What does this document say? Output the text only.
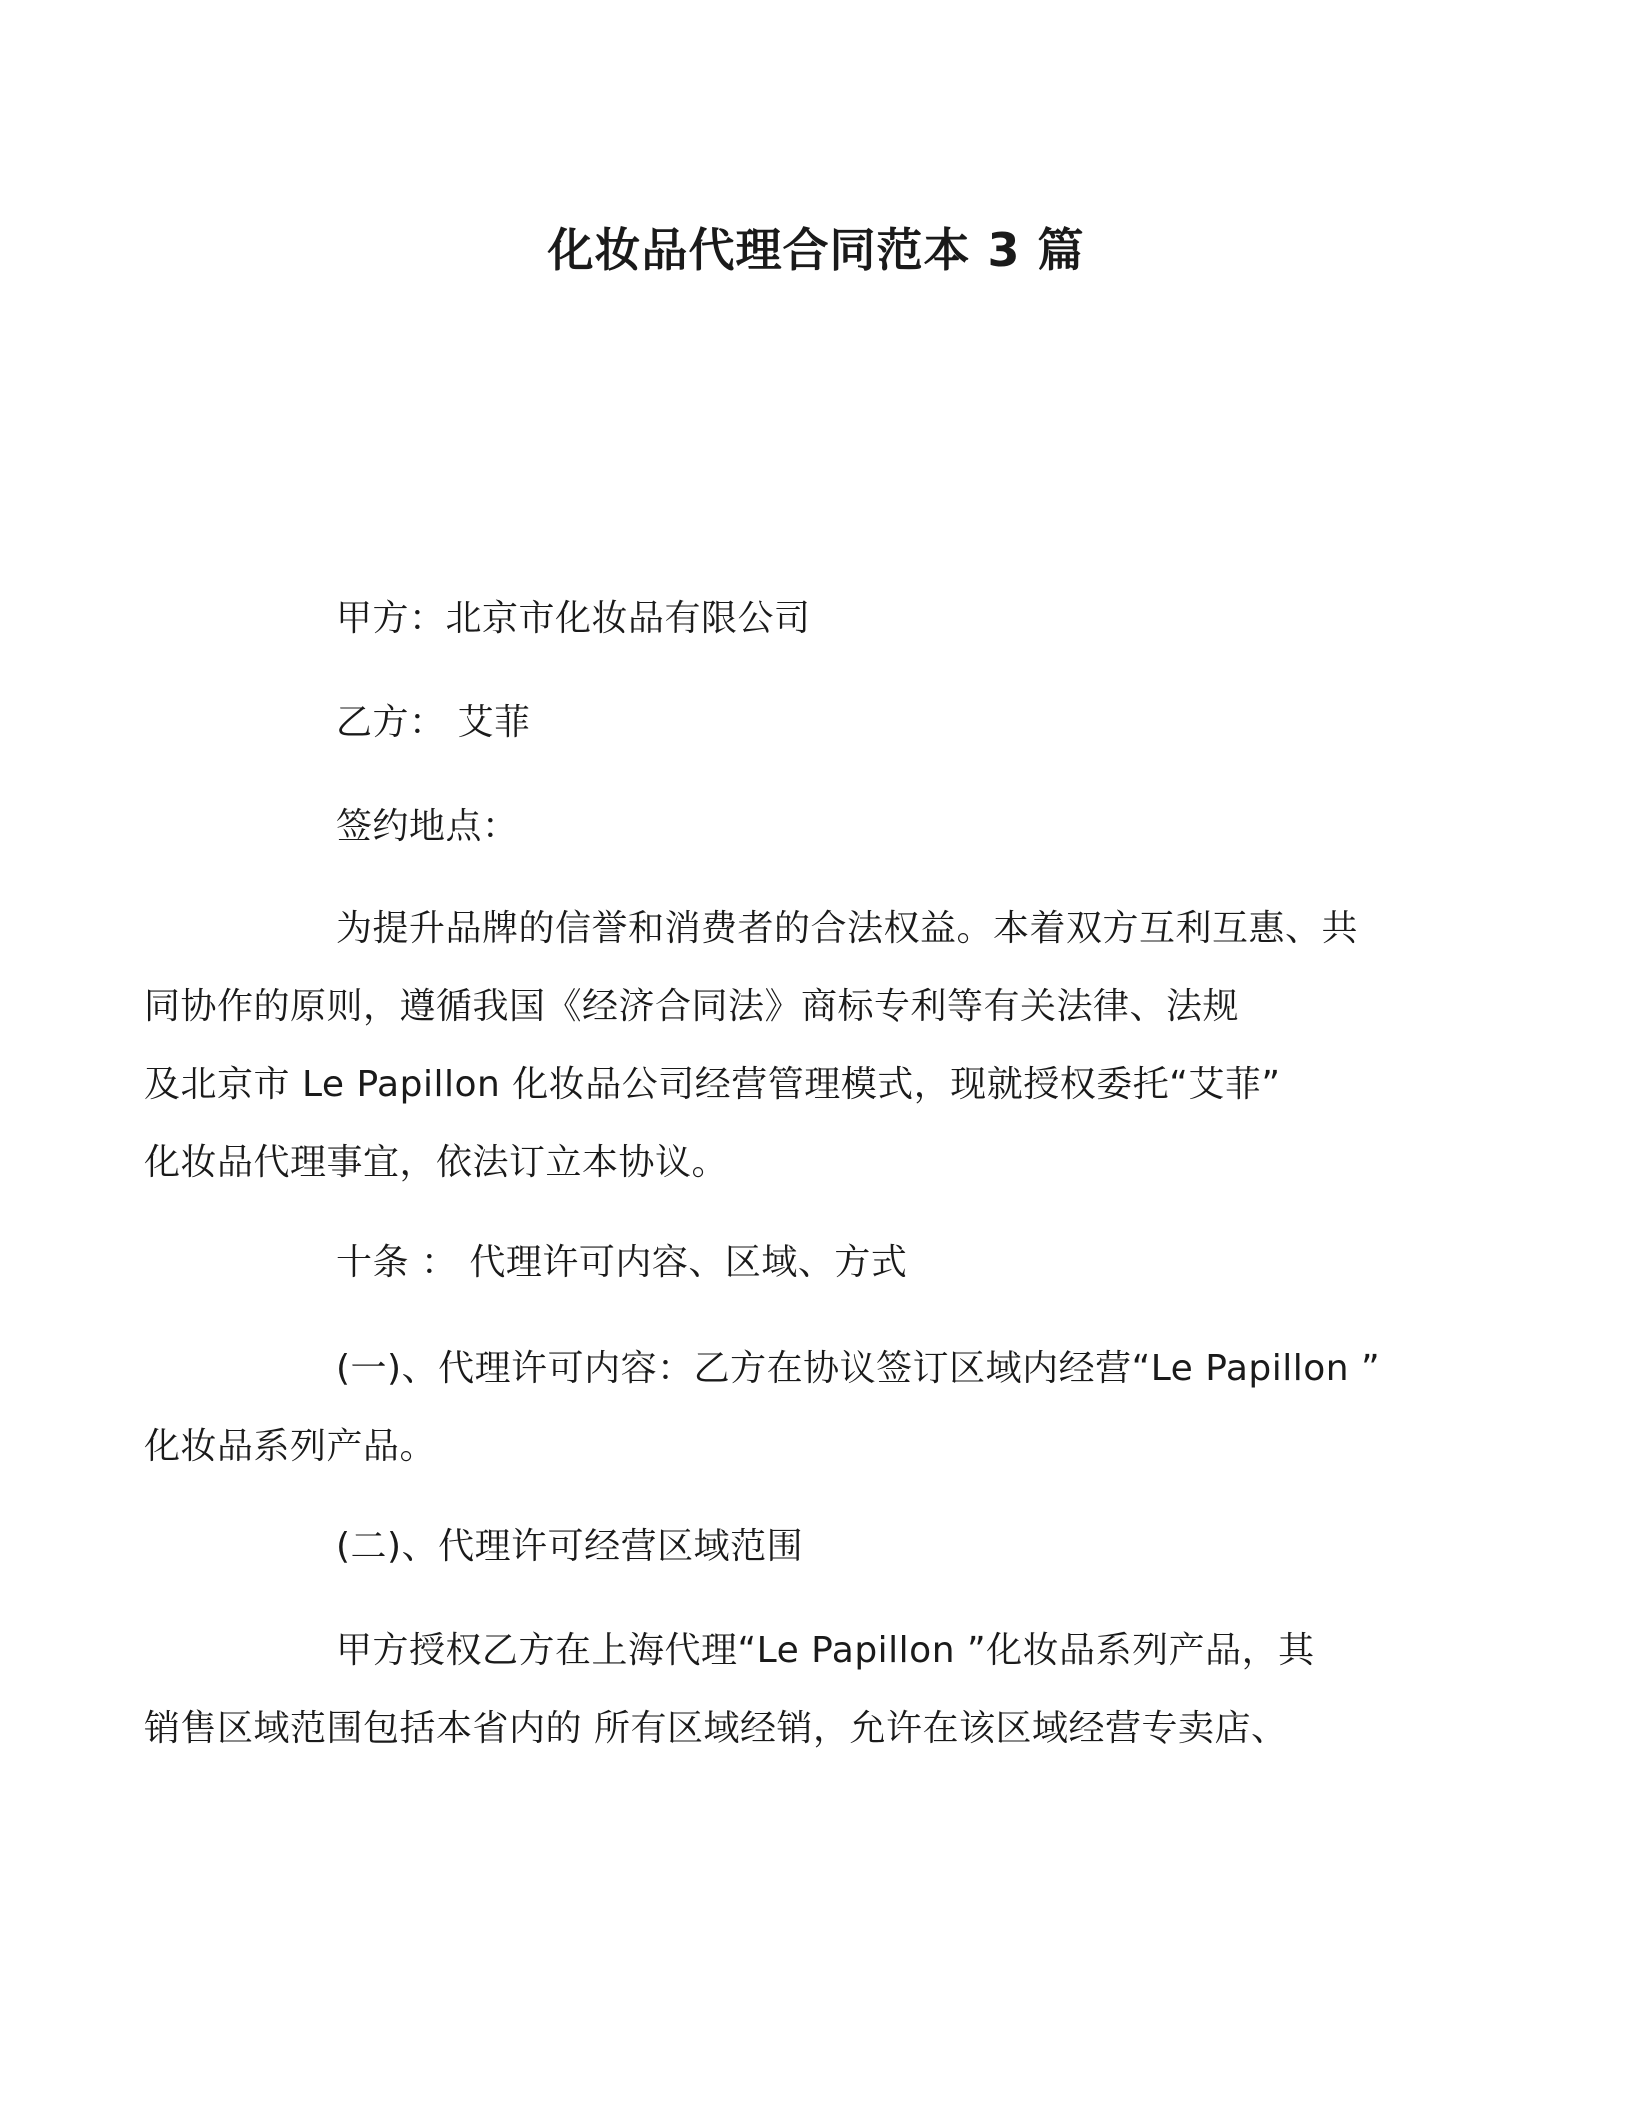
化妆品代理合同范本 3 篇

甲方：北京市化妆品有限公司

乙方： 艾菲

签约地点：

为提升品牌的信誉和消费者的合法权益。本着双方互利互惠、共
同协作的原则，遵循我国《经济合同法》商标专利等有关法律、法规
及北京市 Le Papillon 化妆品公司经营管理模式，现就授权委托“艾菲”
化妆品代理事宜，依法订立本协议。

十条 ： 代理许可内容、区域、方式

(一)、代理许可内容：乙方在协议签订区域内经营“Le Papillon ”
化妆品系列产品。

(二)、代理许可经营区域范围

甲方授权乙方在上海代理“Le Papillon ”化妆品系列产品，其
销售区域范围包括本省内的 所有区域经销，允许在该区域经营专卖店、
